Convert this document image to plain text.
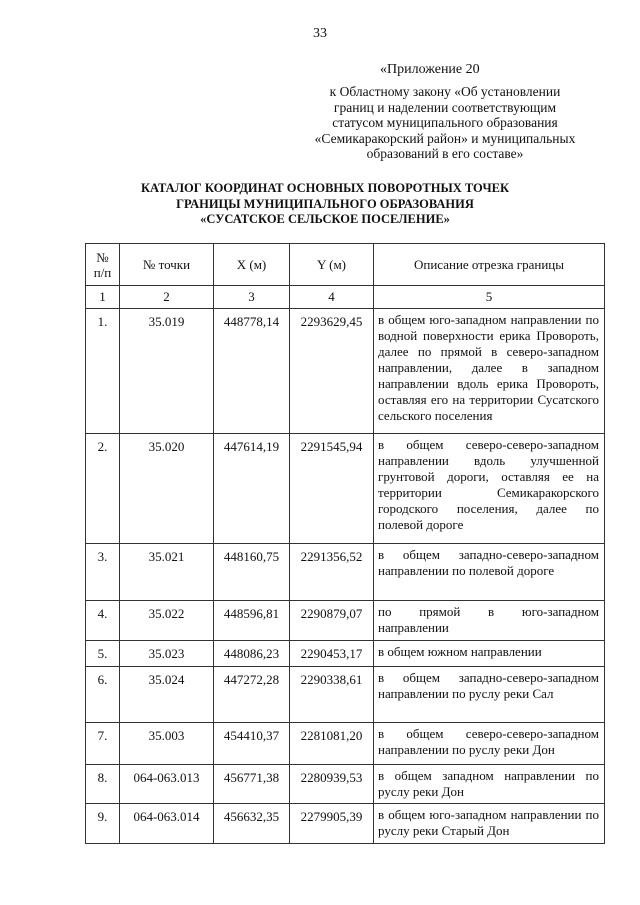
33
«Приложение 20
к Областному закону «Об установлении
границ и наделении соответствующим
статусом муниципального образования
«Семикаракорский район» и муниципальных
образований в его составе»
КАТАЛОГ КООРДИНАТ ОСНОВНЫХ ПОВОРОТНЫХ ТОЧЕК
ГРАНИЦЫ МУНИЦИПАЛЬНОГО ОБРАЗОВАНИЯ
«СУСАТСКОЕ СЕЛЬСКОЕ ПОСЕЛЕНИЕ»
№
п/п	№ точки	X (м)	Y (м)	Описание отрезка границы
1	2	3	4	5

1.	35.019	448778,14	2293629,45	в общем юго-западном направлении по водной поверхности ерика Провороть, далее по прямой в северо-западном направлении, далее в западном направлении вдоль ерика Провороть, оставляя его на территории Сусатского сельского поселения

2.	35.020	447614,19	2291545,94	в общем северо-северо-западном направлении вдоль улучшенной грунтовой дороги, оставляя ее на территории Семикаракорского городского поселения, далее по полевой дороге

3.	35.021	448160,75	2291356,52	в общем западно-северо-западном направлении по полевой дороге

4.	35.022	448596,81	2290879,07	по прямой в юго-западном направлении

5.	35.023	448086,23	2290453,17	в общем южном направлении

6.	35.024	447272,28	2290338,61	в общем западно-северо-западном направлении по руслу реки Сал

7.	35.003	454410,37	2281081,20	в общем северо-северо-западном направлении по руслу реки Дон

8.	064-063.013	456771,38	2280939,53	в общем западном направлении по руслу реки Дон

9.	064-063.014	456632,35	2279905,39	в общем юго-западном направлении по руслу реки Старый Дон
